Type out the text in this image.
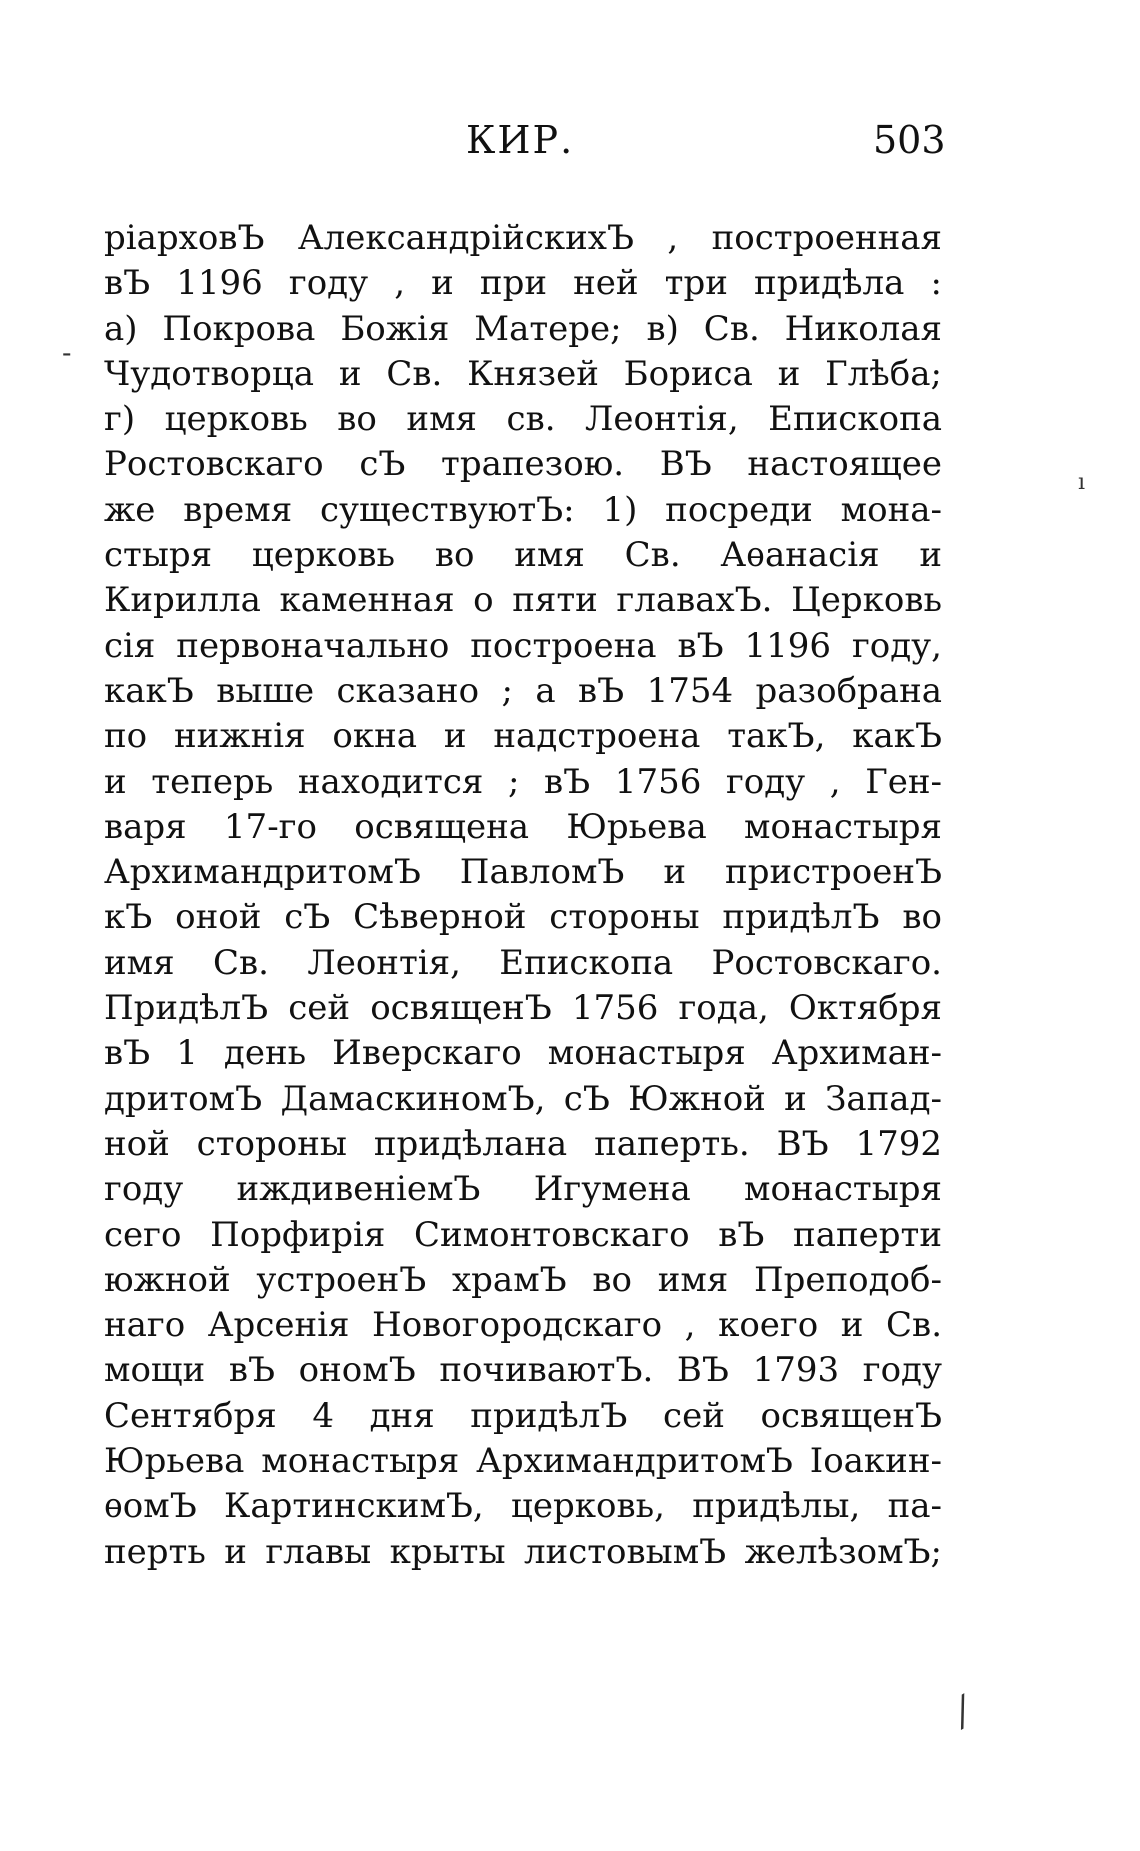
КИР.	503
-
ı
⁄
ріарховЪ АлександрійскихЪ , построенная
вЪ 1196 году , и при ней три придѣла :
а) Покрова Божія Матере; в) Св. Николая
Чудотворца и Св. Князей Бориса и Глѣба;
г) церковь во имя св. Леонтія, Епископа
Ростовскаго сЪ трапезою. ВЪ настоящее
же время существуютЪ: 1) посреди мона-
стыря церковь во имя Св. Аѳанасія и
Кирилла каменная о пяти главахЪ. Церковь
сія первоначально построена вЪ 1196 году,
какЪ выше сказано ; а вЪ 1754 разобрана
по нижнія окна и надстроена такЪ, какЪ
и теперь находится ; вЪ 1756 году , Ген-
варя 17-го освящена Юрьева монастыря
АрхимандритомЪ ПавломЪ и пристроенЪ
кЪ оной сЪ Сѣверной стороны придѣлЪ во
имя Св. Леонтія, Епископа Ростовскаго.
ПридѣлЪ сей освященЪ 1756 года, Октября
вЪ 1 день Иверскаго монастыря Архиман-
дритомЪ ДамаскиномЪ, сЪ Южной и Запад-
ной стороны придѣлана паперть. ВЪ 1792
году иждивеніемЪ Игумена монастыря
сего Порфирія Симонтовскаго вЪ паперти
южной устроенЪ храмЪ во имя Преподоб-
наго Арсенія Новогородскаго , коего и Св.
мощи вЪ ономЪ почиваютЪ. ВЪ 1793 году
Сентября 4 дня придѣлЪ сей освященЪ
Юрьева монастыря АрхимандритомЪ Іоакин-
ѳомЪ КартинскимЪ, церковь, придѣлы, па-
перть и главы крыты листовымЪ желѣзомЪ;
